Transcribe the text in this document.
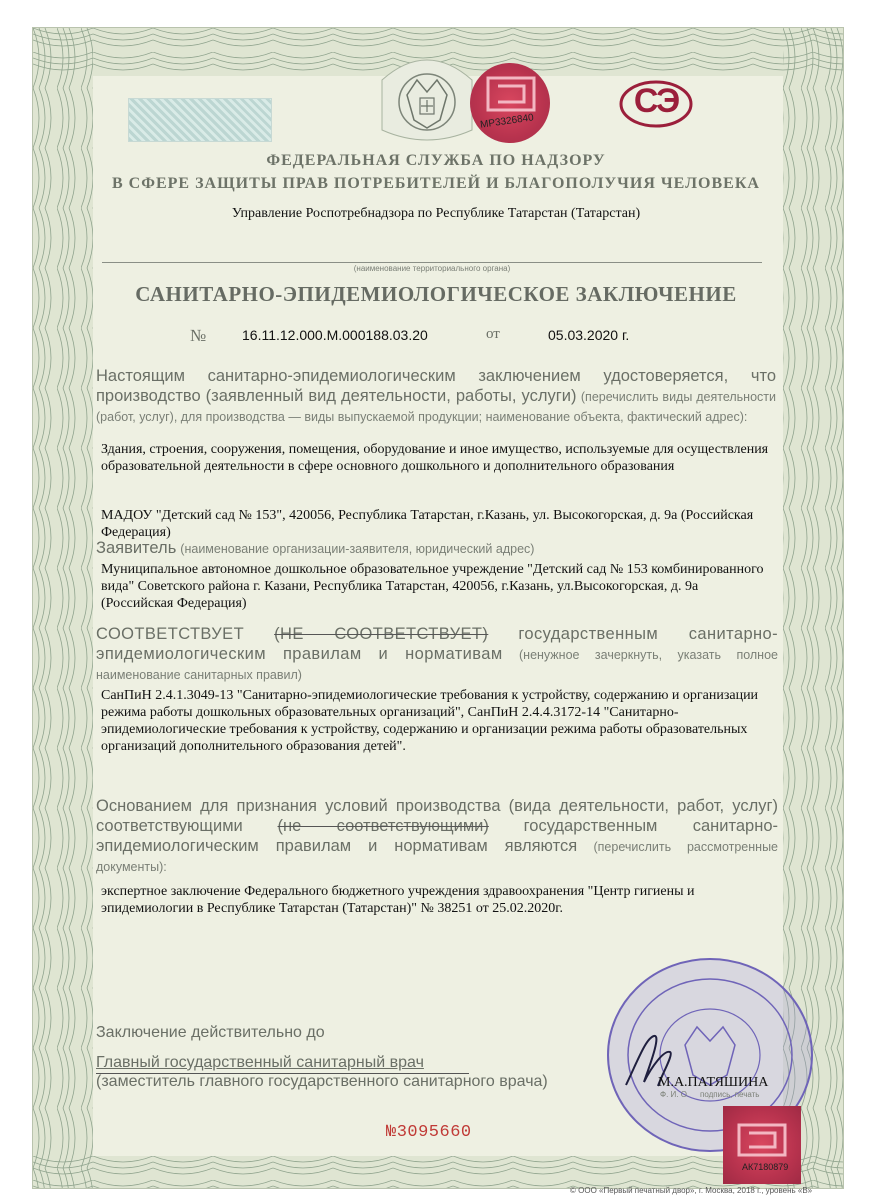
МР3326840
СЭ
ФЕДЕРАЛЬНАЯ СЛУЖБА ПО НАДЗОРУ
В СФЕРЕ ЗАЩИТЫ ПРАВ ПОТРЕБИТЕЛЕЙ И БЛАГОПОЛУЧИЯ ЧЕЛОВЕКА
Управление Роспотребнадзора по Республике Татарстан (Татарстан)
(наименование территориального органа)
САНИТАРНО-ЭПИДЕМИОЛОГИЧЕСКОЕ ЗАКЛЮЧЕНИЕ
№	16.11.12.000.М.000188.03.20	от	05.03.2020 г.
Настоящим санитарно-эпидемиологическим заключением удостоверяется, что производство (заявленный вид деятельности, работы, услуги) (перечислить виды деятельности (работ, услуг), для производства — виды выпускаемой продукции; наименование объекта, фактический адрес):
Здания, строения, сооружения, помещения, оборудование и иное имущество, используемые для осуществления образовательной деятельности в сфере основного дошкольного и дополнительного образования
МАДОУ "Детский сад № 153", 420056, Республика Татарстан, г.Казань, ул. Высокогорская, д. 9а (Российская Федерация)
Заявитель (наименование организации-заявителя, юридический адрес)
Муниципальное автономное дошкольное образовательное учреждение "Детский сад № 153 комбинированного вида" Советского района г. Казани, Республика Татарстан, 420056, г.Казань, ул.Высокогорская, д. 9а (Российская Федерация)
СООТВЕТСТВУЕТ (НЕ СООТВЕТСТВУЕТ) государственным санитарно-эпидемиологическим правилам и нормативам (ненужное зачеркнуть, указать полное наименование санитарных правил)
СанПиН 2.4.1.3049-13 "Санитарно-эпидемиологические требования к устройству, содержанию и организации режима работы дошкольных образовательных организаций", СанПиН 2.4.4.3172-14 "Санитарно-эпидемиологические требования к устройству, содержанию и организации режима работы образовательных организаций дополнительного образования детей".
Основанием для признания условий производства (вида деятельности, работ, услуг) соответствующими (не соответствующими) государственным санитарно-эпидемиологическим правилам и нормативам являются (перечислить рассмотренные документы):
экспертное заключение Федерального бюджетного учреждения здравоохранения "Центр гигиены и эпидемиологии в Республике Татарстан (Татарстан)" № 38251 от 25.02.2020г.
Заключение действительно до
Главный государственный санитарный врач
(заместитель главного государственного санитарного врача)	М.А.ПАТЯШИНА
подпись, печать
Ф. И. О.
№3095660
АК7180879
© ООО «Первый печатный двор», г. Москва, 2018 г., уровень «В»
